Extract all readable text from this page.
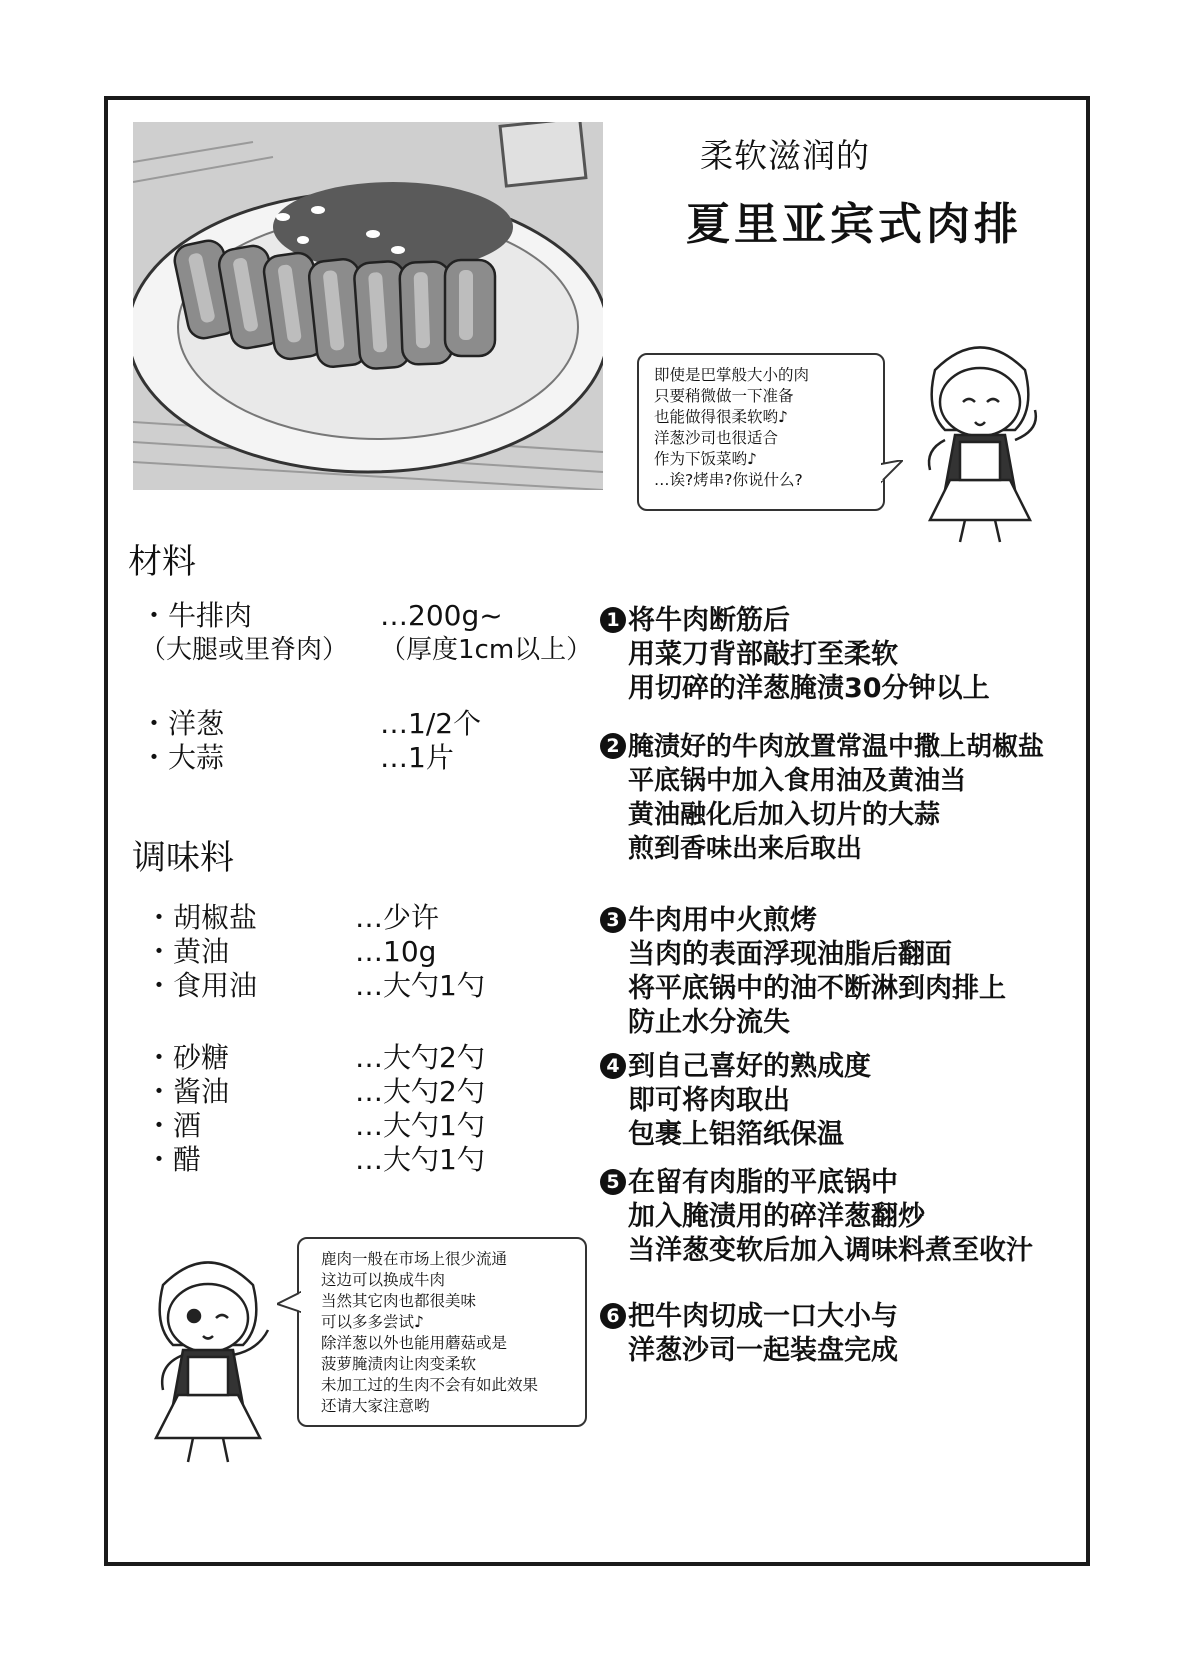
柔软滋润的
夏里亚宾式肉排
即使是巴掌般大小的肉
只要稍微做一下准备
也能做得很柔软哟♪
洋葱沙司也很适合
作为下饭菜哟♪
…诶?烤串?你说什么?
材料
・牛排肉	…200g~
（大腿或里脊肉） （厚度1cm以上）
・洋葱	…1/2个
・大蒜	…1片
调味料
・胡椒盐	…少许
・黄油	…10g
・食用油	…大勺1勺
・砂糖	…大勺2勺
・酱油	…大勺2勺
・酒	…大勺1勺
・醋	…大勺1勺
1 将牛肉断筋后
用菜刀背部敲打至柔软
用切碎的洋葱腌渍30分钟以上
2 腌渍好的牛肉放置常温中撒上胡椒盐
平底锅中加入食用油及黄油当
黄油融化后加入切片的大蒜
煎到香味出来后取出
3 牛肉用中火煎烤
当肉的表面浮现油脂后翻面
将平底锅中的油不断淋到肉排上
防止水分流失
4 到自己喜好的熟成度
即可将肉取出
包裹上铝箔纸保温
5 在留有肉脂的平底锅中
加入腌渍用的碎洋葱翻炒
当洋葱变软后加入调味料煮至收汁
6 把牛肉切成一口大小与
洋葱沙司一起装盘完成
鹿肉一般在市场上很少流通
这边可以换成牛肉
当然其它肉也都很美味
可以多多尝试♪
除洋葱以外也能用蘑菇或是
菠萝腌渍肉让肉变柔软
未加工过的生肉不会有如此效果
还请大家注意哟
